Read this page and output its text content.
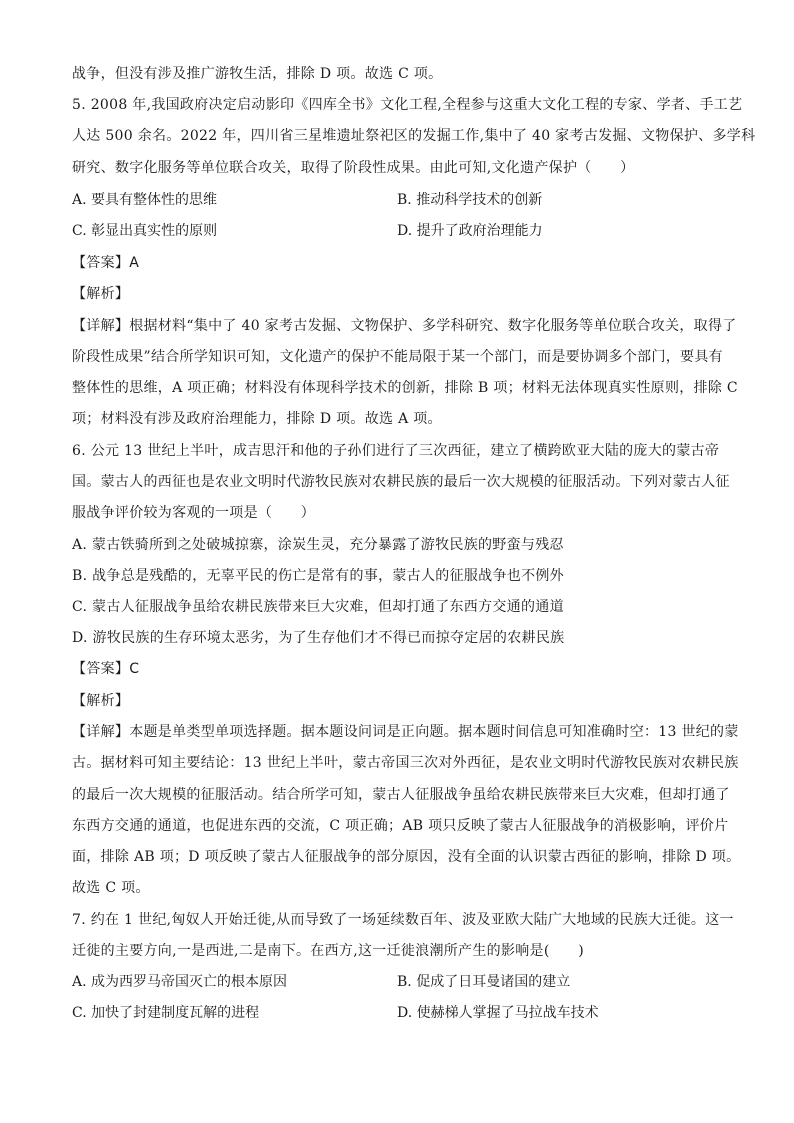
战争，但没有涉及推广游牧生活，排除 D 项。故选 C 项。
5. 2008 年,我国政府决定启动影印《四库全书》文化工程,全程参与这重大文化工程的专家、学者、手工艺
人达 500 余名。2022 年，四川省三星堆遗址祭祀区的发掘工作,集中了 40 家考古发掘、文物保护、多学科
研究、数字化服务等单位联合攻关，取得了阶段性成果。由此可知,文化遗产保护（　　）
A. 要具有整体性的思维	B. 推动科学技术的创新
C. 彰显出真实性的原则	D. 提升了政府治理能力
【答案】A
【解析】
【详解】根据材料“集中了 40 家考古发掘、文物保护、多学科研究、数字化服务等单位联合攻关，取得了
阶段性成果”结合所学知识可知，文化遗产的保护不能局限于某一个部门，而是要协调多个部门，要具有
整体性的思维，A 项正确；材料没有体现科学技术的创新，排除 B 项；材料无法体现真实性原则，排除 C
项；材料没有涉及政府治理能力，排除 D 项。故选 A 项。
6. 公元 13 世纪上半叶，成吉思汗和他的子孙们进行了三次西征，建立了横跨欧亚大陆的庞大的蒙古帝
国。蒙古人的西征也是农业文明时代游牧民族对农耕民族的最后一次大规模的征服活动。下列对蒙古人征
服战争评价较为客观的一项是（　　）
A. 蒙古铁骑所到之处破城掠寨，涂炭生灵，充分暴露了游牧民族的野蛮与残忍
B. 战争总是残酷的，无辜平民的伤亡是常有的事，蒙古人的征服战争也不例外
C. 蒙古人征服战争虽给农耕民族带来巨大灾难，但却打通了东西方交通的通道
D. 游牧民族的生存环境太恶劣，为了生存他们才不得已而掠夺定居的农耕民族
【答案】C
【解析】
【详解】本题是单类型单项选择题。据本题设问词是正向题。据本题时间信息可知准确时空：13 世纪的蒙
古。据材料可知主要结论：13 世纪上半叶，蒙古帝国三次对外西征，是农业文明时代游牧民族对农耕民族
的最后一次大规模的征服活动。结合所学可知，蒙古人征服战争虽给农耕民族带来巨大灾难，但却打通了
东西方交通的通道，也促进东西的交流，C 项正确；AB 项只反映了蒙古人征服战争的消极影响，评价片
面，排除 AB 项；D 项反映了蒙古人征服战争的部分原因，没有全面的认识蒙古西征的影响，排除 D 项。
故选 C 项。
7. 约在 1 世纪,匈奴人开始迁徙,从而导致了一场延续数百年、波及亚欧大陆广大地域的民族大迁徙。这一
迁徙的主要方向,一是西进,二是南下。在西方,这一迁徙浪潮所产生的影响是(　　)
A. 成为西罗马帝国灭亡的根本原因	B. 促成了日耳曼诸国的建立
C. 加快了封建制度瓦解的进程	D. 使赫梯人掌握了马拉战车技术
